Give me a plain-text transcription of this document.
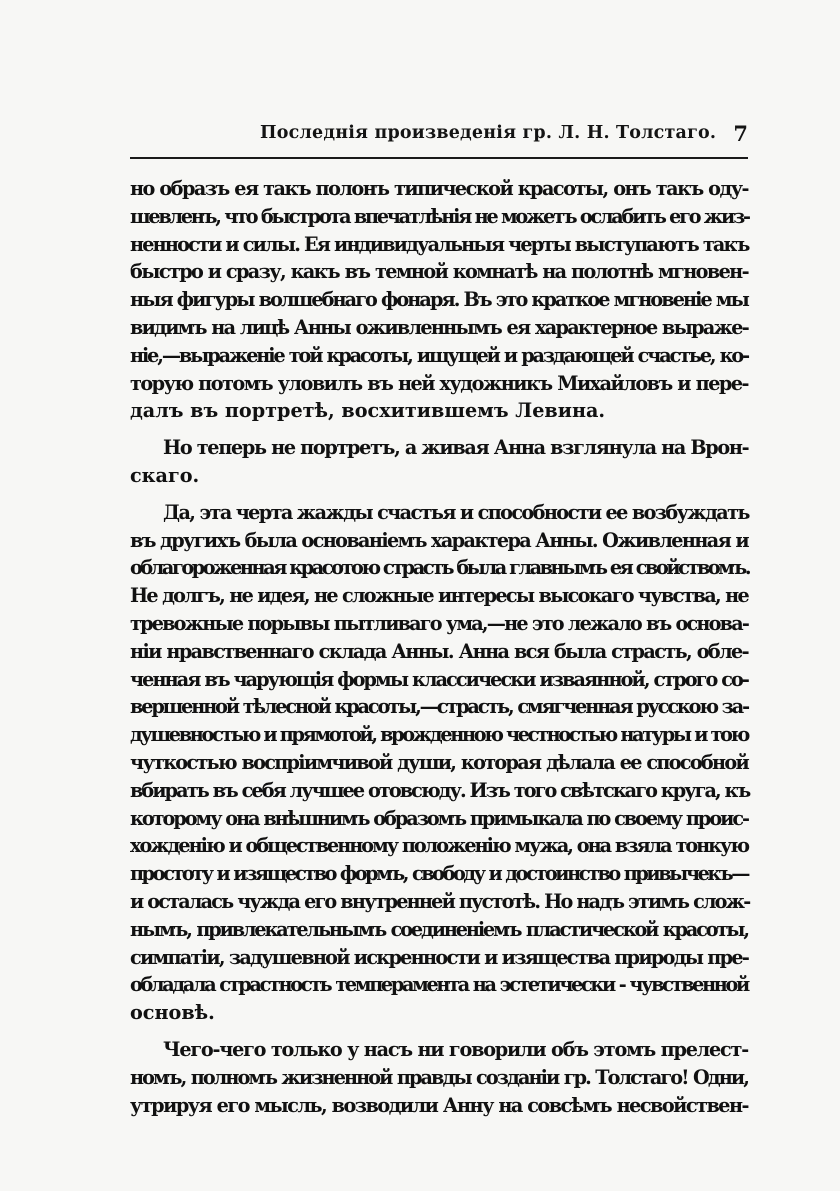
Последнія произведенія гр. Л. Н. Толстаго. 7
но образъ ея такъ полонъ типической красоты, онъ такъ оду-
шевленъ, что быстрота впечатлѣнія не можетъ ослабить его жиз-
ненности и силы. Ея индивидуальныя черты выступаютъ такъ
быстро и сразу, какъ въ темной комнатѣ на полотнѣ мгновен-
ныя фигуры волшебнаго фонаря. Въ это краткое мгновеніе мы
видимъ на лицѣ Анны оживленнымъ ея характерное выраже-
ніе,—выраженіе той красоты, ищущей и раздающей счастье, ко-
торую потомъ уловилъ въ ней художникъ Михайловъ и пере-
далъ въ портретѣ, восхитившемъ Левина.
Но теперь не портретъ, а живая Анна взглянула на Врон-
скаго.
Да, эта черта жажды счастья и способности ее возбуждать
въ другихъ была основаніемъ характера Анны. Оживленная и
облагороженная красотою страсть была главнымъ ея свойствомъ.
Не долгъ, не идея, не сложные интересы высокаго чувства, не
тревожные порывы пытливаго ума,—не это лежало въ основа-
ніи нравственнаго склада Анны. Анна вся была страсть, обле-
ченная въ чарующія формы классически изваянной, строго со-
вершенной тѣлесной красоты,—страсть, смягченная русскою за-
душевностью и прямотой, врожденною честностью натуры и тою
чуткостью воспріимчивой души, которая дѣлала ее способной
вбирать въ себя лучшее отовсюду. Изъ того свѣтскаго круга, къ
которому она внѣшнимъ образомъ примыкала по своему проис-
хожденію и общественному положенію мужа, она взяла тонкую
простоту и изящество формъ, свободу и достоинство привычекъ—
и осталась чужда его внутренней пустотѣ. Но надъ этимъ слож-
нымъ, привлекательнымъ соединеніемъ пластической красоты,
симпатіи, задушевной искренности и изящества природы пре-
обладала страстность темперамента на эстетически - чувственной
основѣ.
Чего-чего только у насъ ни говорили объ этомъ прелест-
номъ, полномъ жизненной правды созданіи гр. Толстаго! Одни,
утрируя его мысль, возводили Анну на совсѣмъ несвойствен-
